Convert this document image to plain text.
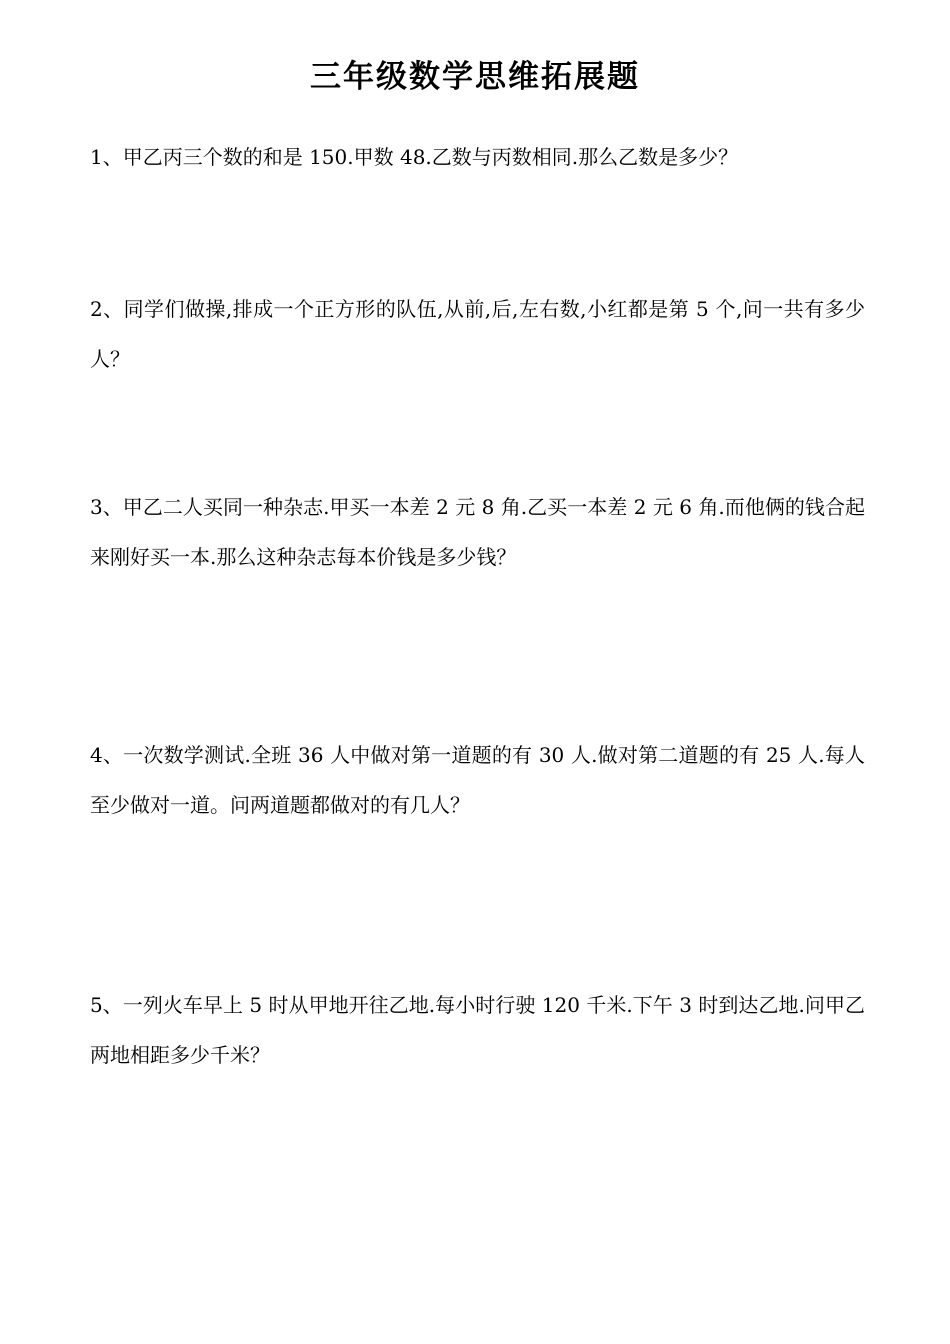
三年级数学思维拓展题
1、甲乙丙三个数的和是 150.甲数 48.乙数与丙数相同.那么乙数是多少？
2、同学们做操,排成一个正方形的队伍,从前,后,左右数,小红都是第 5 个,问一共有多少人？
3、甲乙二人买同一种杂志.甲买一本差 2 元 8 角.乙买一本差 2 元 6 角.而他俩的钱合起来刚好买一本.那么这种杂志每本价钱是多少钱？
4、一次数学测试.全班 36 人中做对第一道题的有 30 人.做对第二道题的有 25 人.每人至少做对一道。问两道题都做对的有几人？
5、一列火车早上 5 时从甲地开往乙地.每小时行驶 120 千米.下午 3 时到达乙地.问甲乙两地相距多少千米？
